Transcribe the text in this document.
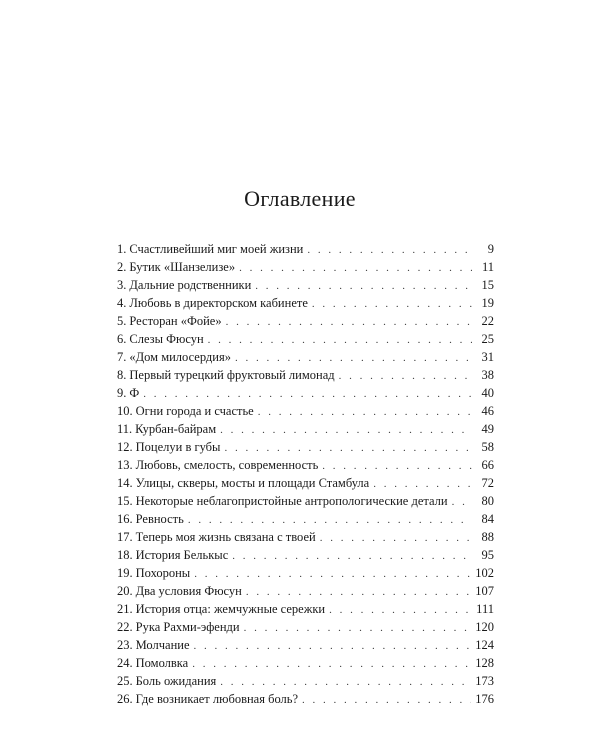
Оглавление
1. Счастливейший миг моей жизни . . .	9
2. Бутик «Шанзелизе» . . .	11
3. Дальние родственники . . .	15
4. Любовь в директорском кабинете . . .	19
5. Ресторан «Фойе» . . .	22
6. Слезы Фюсун . . .	25
7. «Дом милосердия» . . .	31
8. Первый турецкий фруктовый лимонад . . .	38
9. Ф . . .	40
10. Огни города и счастье . . .	46
11. Курбан-байрам . . .	49
12. Поцелуи в губы . . .	58
13. Любовь, смелость, современность . . .	66
14. Улицы, скверы, мосты и площади Стамбула . . .	72
15. Некоторые неблагопристойные антропологические детали . . .	80
16. Ревность . . .	84
17. Теперь моя жизнь связана с твоей . . .	88
18. История Белькыс . . .	95
19. Похороны . . .	102
20. Два условия Фюсун . . .	107
21. История отца: жемчужные сережки . . .	111
22. Рука Рахми-эфенди . . .	120
23. Молчание . . .	124
24. Помолвка . . .	128
25. Боль ожидания . . .	173
26. Где возникает любовная боль? . . .	176
